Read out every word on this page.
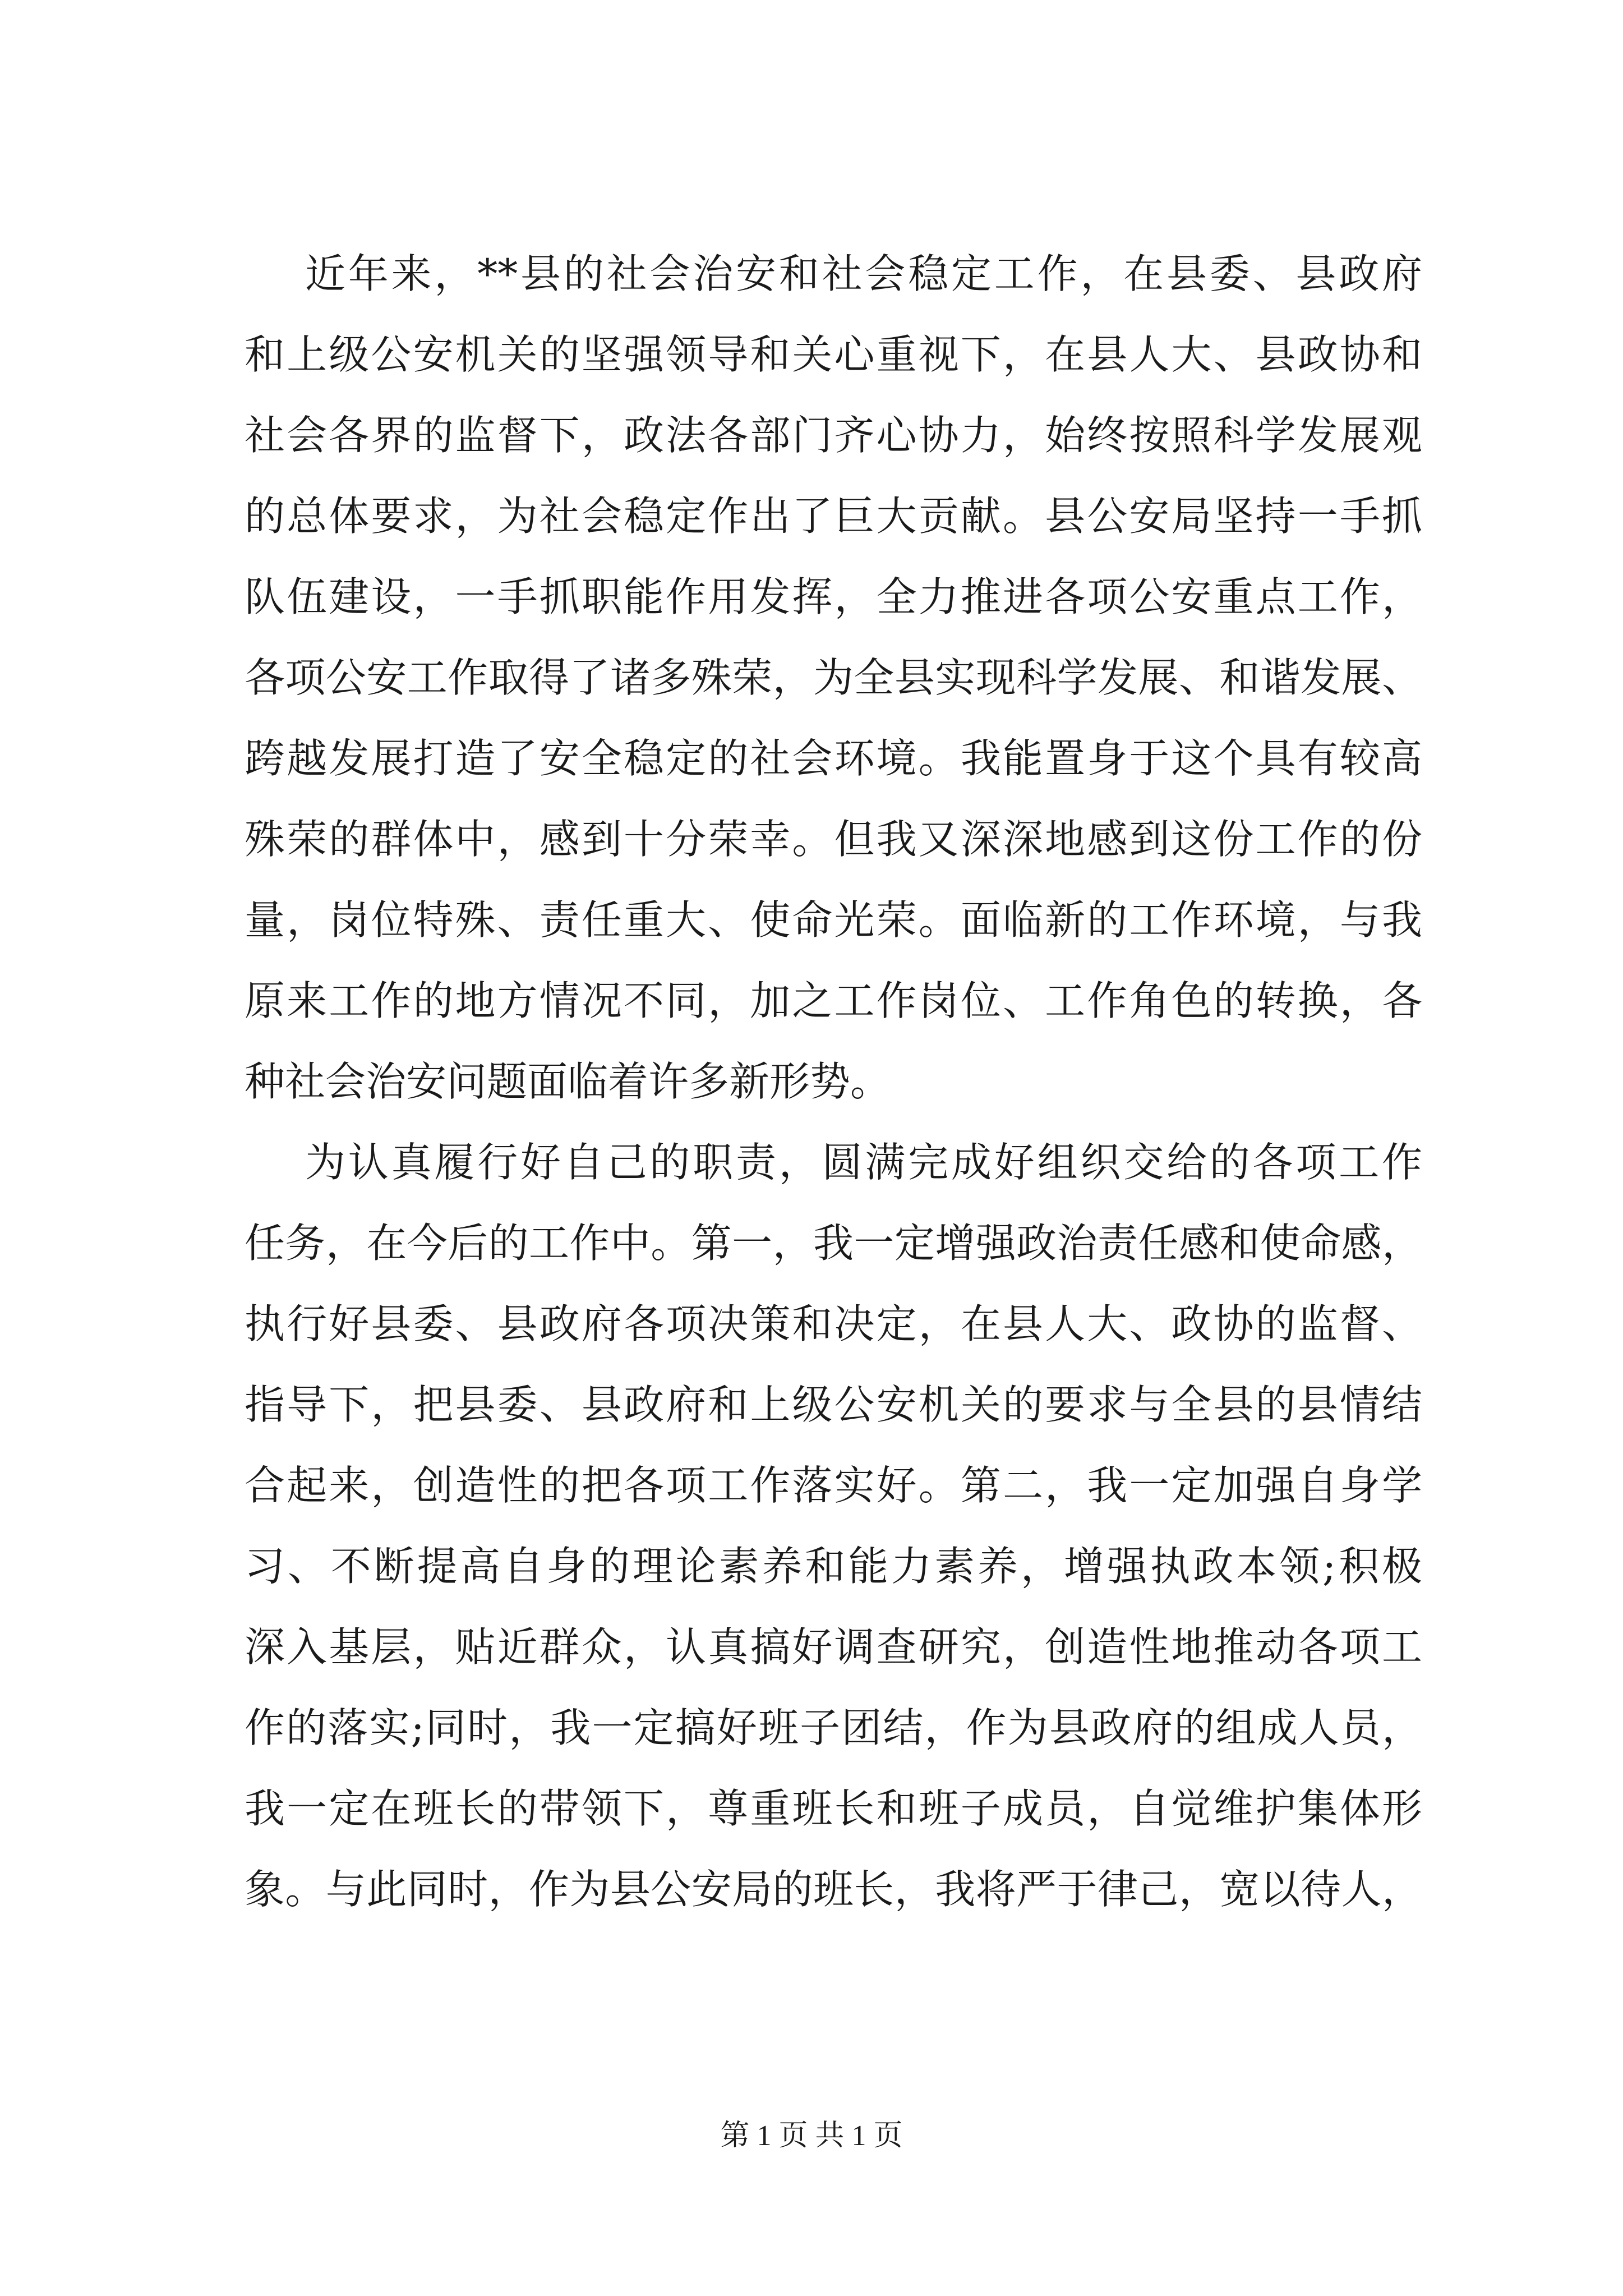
近年来，**县的社会治安和社会稳定工作，在县委、县政府
和上级公安机关的坚强领导和关心重视下，在县人大、县政协和
社会各界的监督下，政法各部门齐心协力，始终按照科学发展观
的总体要求，为社会稳定作出了巨大贡献。县公安局坚持一手抓
队伍建设，一手抓职能作用发挥，全力推进各项公安重点工作，
各项公安工作取得了诸多殊荣，为全县实现科学发展、和谐发展、
跨越发展打造了安全稳定的社会环境。我能置身于这个具有较高
殊荣的群体中，感到十分荣幸。但我又深深地感到这份工作的份
量，岗位特殊、责任重大、使命光荣。面临新的工作环境，与我
原来工作的地方情况不同，加之工作岗位、工作角色的转换，各
种社会治安问题面临着许多新形势。
为认真履行好自己的职责，圆满完成好组织交给的各项工作
任务，在今后的工作中。第一，我一定增强政治责任感和使命感，
执行好县委、县政府各项决策和决定，在县人大、政协的监督、
指导下，把县委、县政府和上级公安机关的要求与全县的县情结
合起来，创造性的把各项工作落实好。第二，我一定加强自身学
习、不断提高自身的理论素养和能力素养，增强执政本领;积极
深入基层，贴近群众，认真搞好调查研究，创造性地推动各项工
作的落实;同时，我一定搞好班子团结，作为县政府的组成人员，
我一定在班长的带领下，尊重班长和班子成员，自觉维护集体形
象。与此同时，作为县公安局的班长，我将严于律己，宽以待人，
第 1 页 共 1 页
